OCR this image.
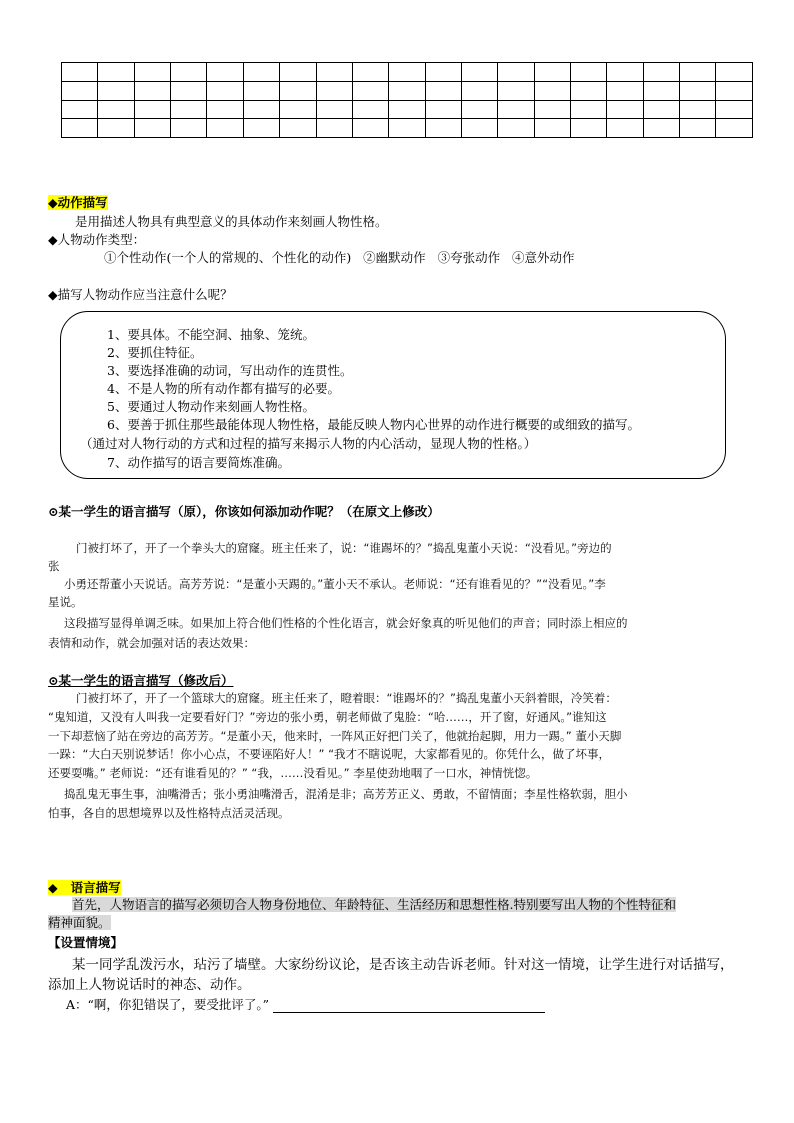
◆动作描写
是用描述人物具有典型意义的具体动作来刻画人物性格。
◆人物动作类型：
①个性动作(一个人的常规的、个性化的动作)   ②幽默动作   ③夸张动作   ④意外动作
◆描写人物动作应当注意什么呢？
1、要具体。不能空洞、抽象、笼统。
2、要抓住特征。
3、要选择准确的动词，写出动作的连贯性。
4、不是人物的所有动作都有描写的必要。
5、要通过人物动作来刻画人物性格。
6、要善于抓住那些最能体现人物性格，最能反映人物内心世界的动作进行概要的或细致的描写。
（通过对人物行动的方式和过程的描写来揭示人物的内心活动，显现人物的性格。）
7、动作描写的语言要简炼准确。
⊙某一学生的语言描写（原），你该如何添加动作呢？（在原文上修改）
门被打坏了，开了一个拳头大的窟窿。班主任来了，说：“谁踢坏的？”捣乱鬼董小天说：“没看见。”旁边的
张
小勇还帮董小天说话。高芳芳说：“是董小天踢的。”董小天不承认。老师说：“还有谁看见的？”“没看见。”李
星说。
这段描写显得单调乏味。如果加上符合他们性格的个性化语言，就会好象真的听见他们的声音；同时添上相应的
表情和动作，就会加强对话的表达效果：
⊙某一学生的语言描写（修改后）
门被打坏了，开了一个篮球大的窟窿。班主任来了，瞪着眼：“谁踢坏的？”捣乱鬼董小天斜着眼，冷笑着：
“鬼知道，又没有人叫我一定要看好门？”旁边的张小勇，朝老师做了鬼脸：“哈……，开了窗，好通风。”谁知这
一下却惹恼了站在旁边的高芳芳。“是董小天，他来时，一阵风正好把门关了，他就抬起脚，用力一踢。” 董小天脚
一跺：“大白天别说梦话！你小心点，不要诬陷好人！” “我才不瞎说呢，大家都看见的。你凭什么，做了坏事，
还要耍嘴。” 老师说：“还有谁看见的？” “我，……没看见。” 李星使劲地咽了一口水，神情恍惚。
捣乱鬼无事生事，油嘴滑舌；张小勇油嘴滑舌，混淆是非；高芳芳正义、勇敢，不留情面；李星性格软弱，胆小
怕事，各自的思想境界以及性格特点活灵活现。
◆   语言描写
首先，人物语言的描写必须切合人物身份地位、年龄特征、生活经历和思想性格.特别要写出人物的个性特征和
精神面貌。
【设置情境】
某一同学乱泼污水，玷污了墙壁。大家纷纷议论，是否该主动告诉老师。针对这一情境，让学生进行对话描写，
添加上人物说话时的神态、动作。
A：“啊，你犯错误了，要受批评了。”
